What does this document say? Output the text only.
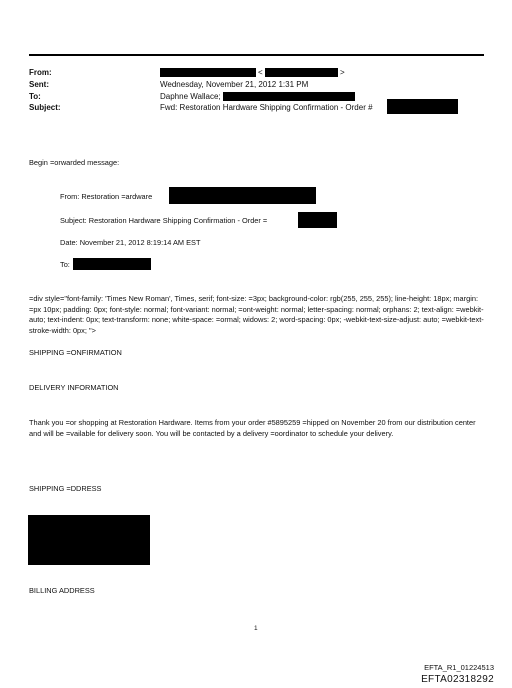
From:	<	>
Sent:	Wednesday, November 21, 2012 1:31 PM
To:	Daphne Wallace;
Subject:	Fwd: Restoration Hardware Shipping Confirmation - Order #
Begin =orwarded message:
From: Restoration =ardware
Subject: Restoration Hardware Shipping Confirmation - Order =
Date: November 21, 2012 8:19:14 AM EST
To:
=div style="font-family: 'Times New Roman', Times, serif; font-size: =3px; background-color: rgb(255, 255, 255); line-height: 18px; margin: =px 10px; padding: 0px; font-style: normal; font-variant: normal; =ont-weight: normal; letter-spacing: normal; orphans: 2; text-align: =webkit-auto; text-indent: 0px; text-transform: none; white-space: =ormal; widows: 2; word-spacing: 0px; -webkit-text-size-adjust: auto; =webkit-text-stroke-width: 0px; ">
SHIPPING =ONFIRMATION
DELIVERY INFORMATION
Thank you =or shopping at Restoration Hardware. Items from your order #5895259 =hipped on November 20 from our distribution center and will be =vailable for delivery soon. You will be contacted by a delivery =oordinator to schedule your delivery.
SHIPPING =DDRESS
BILLING ADDRESS
1
EFTA_R1_01224513
EFTA02318292
